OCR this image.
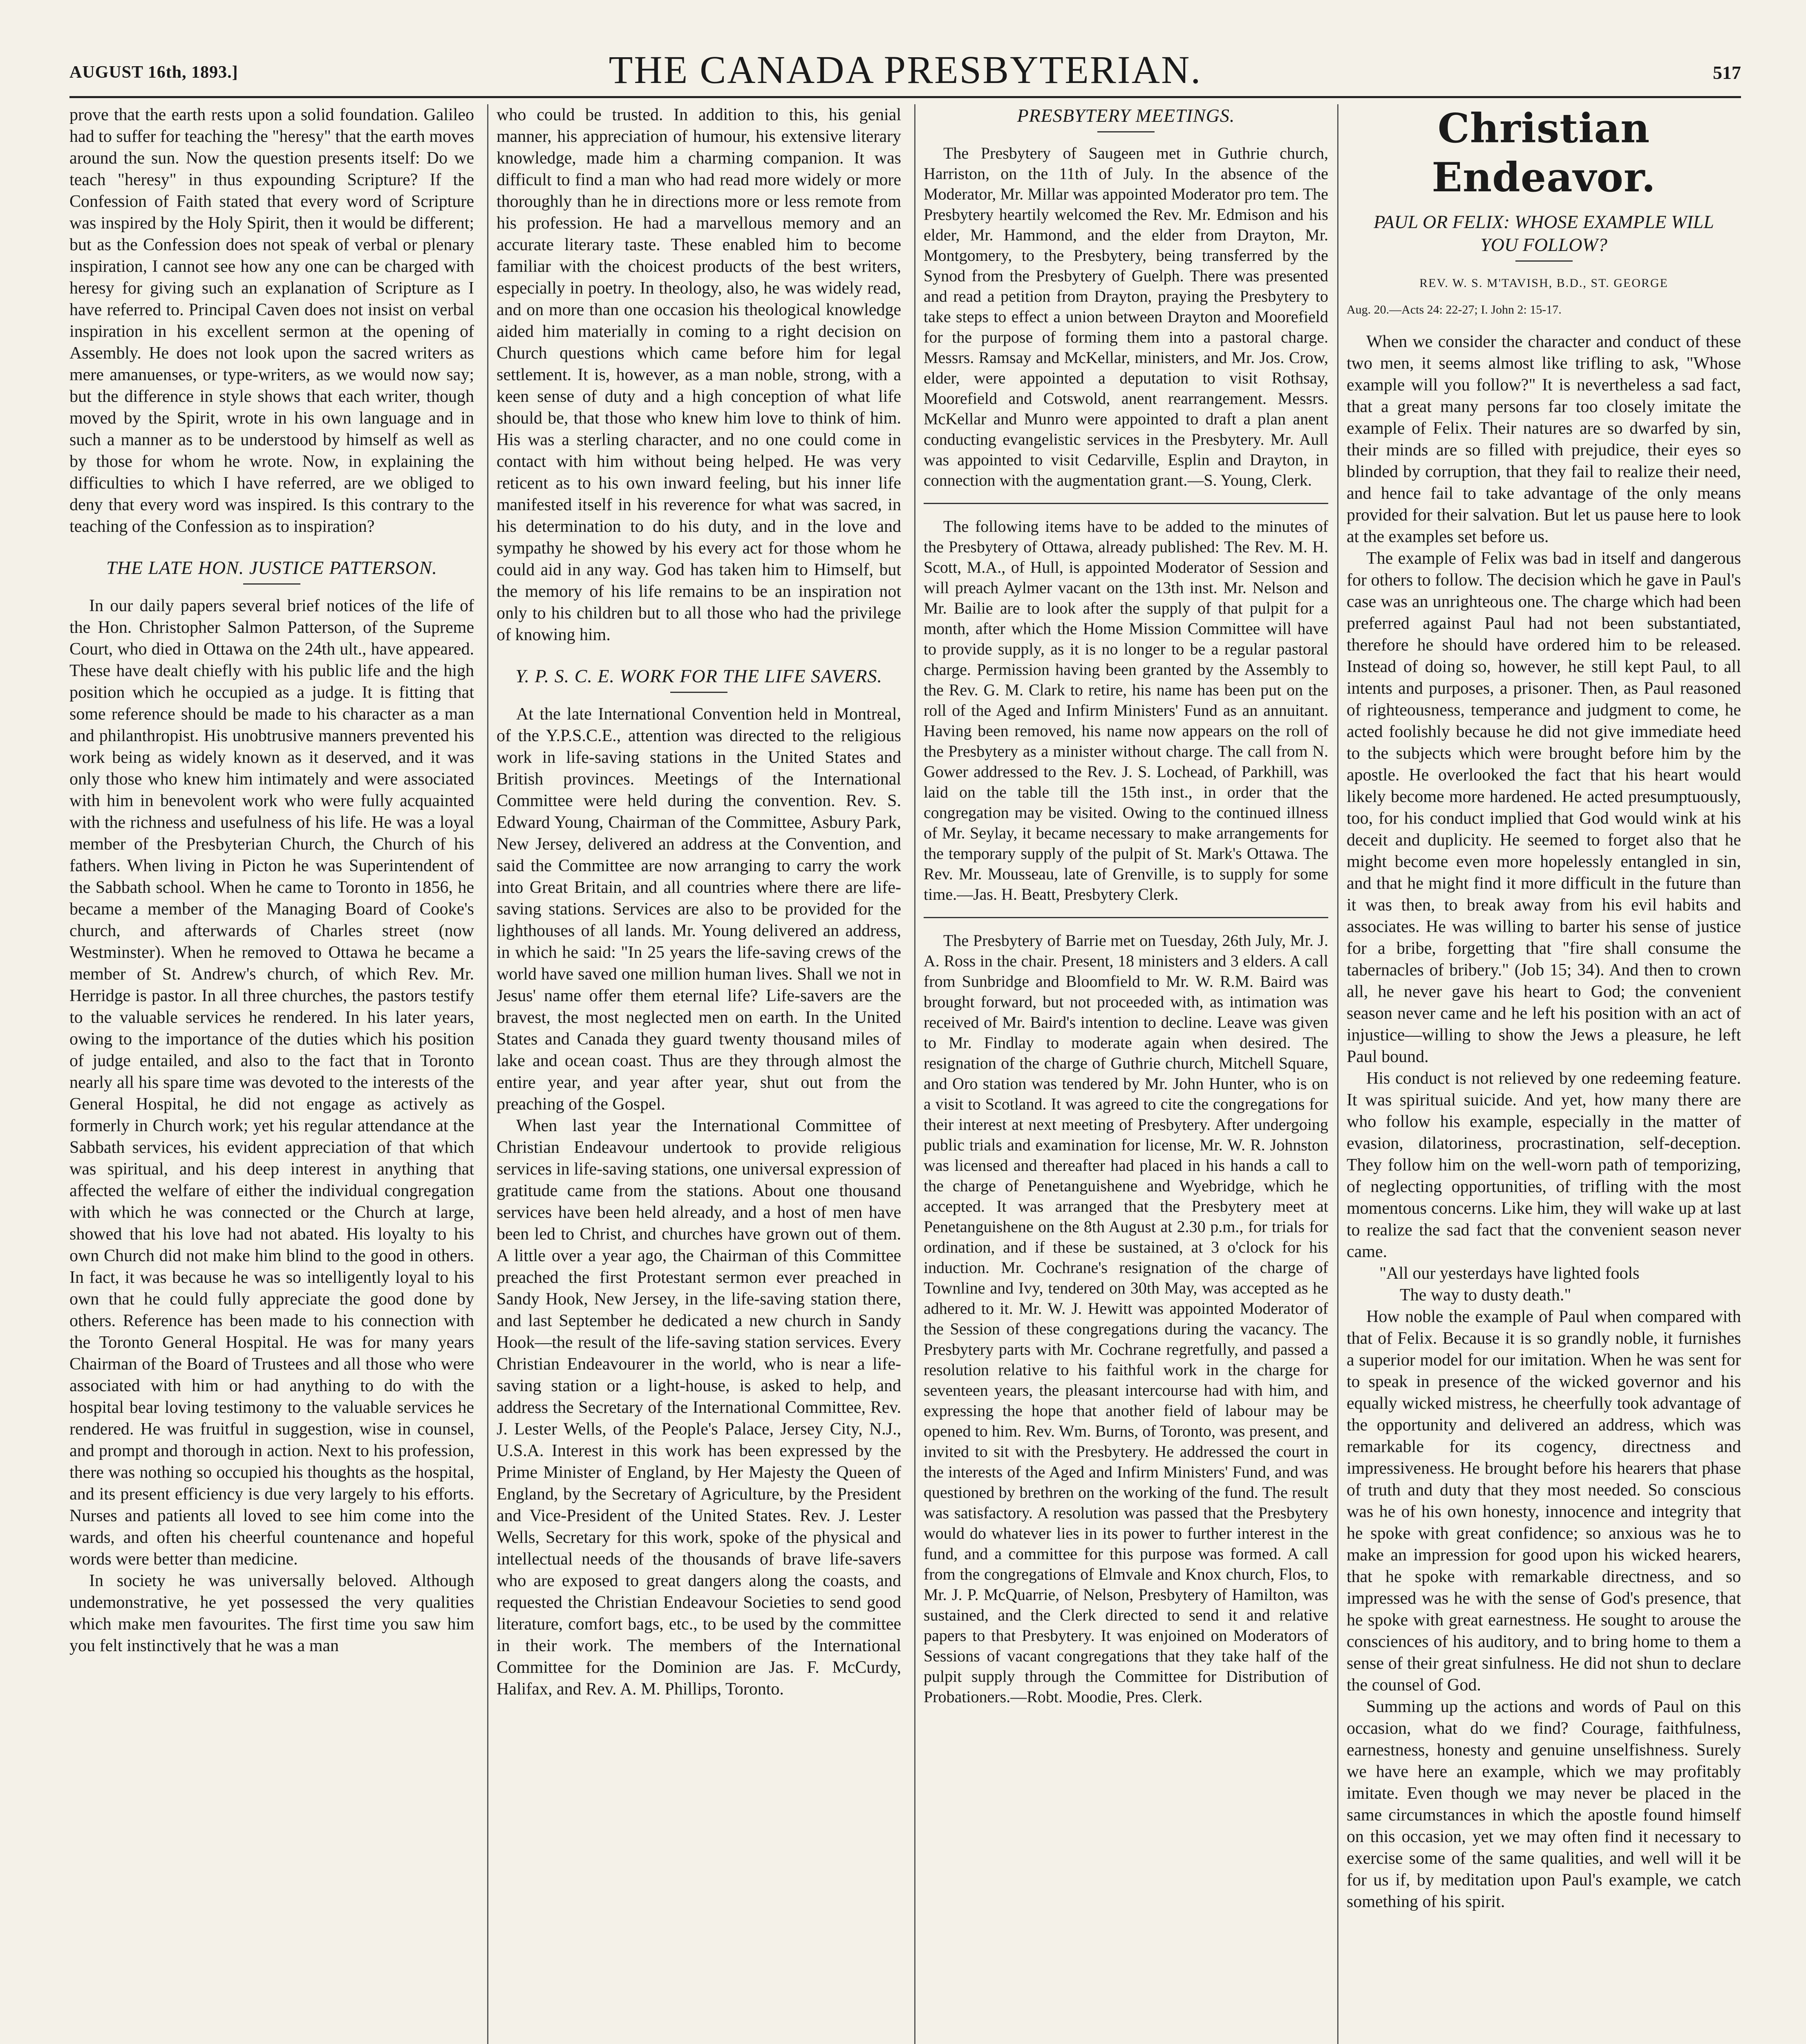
AUGUST 16th, 1893.]	THE CANADA PRESBYTERIAN.	517

prove that the earth rests upon a solid foundation. Galileo had to suffer for teaching the "heresy" that the earth moves around the sun. Now the question presents itself: Do we teach "heresy" in thus expounding Scripture? If the Confession of Faith stated that every word of Scripture was inspired by the Holy Spirit, then it would be different; but as the Confession does not speak of verbal or plenary inspiration, I cannot see how any one can be charged with heresy for giving such an explanation of Scripture as I have referred to. Principal Caven does not insist on verbal inspiration in his excellent sermon at the opening of Assembly. He does not look upon the sacred writers as mere amanuenses, or type-writers, as we would now say; but the difference in style shows that each writer, though moved by the Spirit, wrote in his own language and in such a manner as to be understood by himself as well as by those for whom he wrote. Now, in explaining the difficulties to which I have referred, are we obliged to deny that every word was inspired. Is this contrary to the teaching of the Confession as to inspiration?

THE LATE HON. JUSTICE PATTERSON.

In our daily papers several brief notices of the life of the Hon. Christopher Salmon Patterson, of the Supreme Court, who died in Ottawa on the 24th ult., have appeared. These have dealt chiefly with his public life and the high position which he occupied as a judge. It is fitting that some reference should be made to his character as a man and philanthropist. His unobtrusive manners prevented his work being as widely known as it deserved, and it was only those who knew him intimately and were associated with him in benevolent work who were fully acquainted with the richness and usefulness of his life. He was a loyal member of the Presbyterian Church, the Church of his fathers. When living in Picton he was Superintendent of the Sabbath school. When he came to Toronto in 1856, he became a member of the Managing Board of Cooke's church, and afterwards of Charles street (now Westminster). When he removed to Ottawa he became a member of St. Andrew's church, of which Rev. Mr. Herridge is pastor. In all three churches, the pastors testify to the valuable services he rendered. In his later years, owing to the importance of the duties which his position of judge entailed, and also to the fact that in Toronto nearly all his spare time was devoted to the interests of the General Hospital, he did not engage as actively as formerly in Church work; yet his regular attendance at the Sabbath services, his evident appreciation of that which was spiritual, and his deep interest in anything that affected the welfare of either the individual congregation with which he was connected or the Church at large, showed that his love had not abated. His loyalty to his own Church did not make him blind to the good in others. In fact, it was because he was so intelligently loyal to his own that he could fully appreciate the good done by others. Reference has been made to his connection with the Toronto General Hospital. He was for many years Chairman of the Board of Trustees and all those who were associated with him or had anything to do with the hospital bear loving testimony to the valuable services he rendered. He was fruitful in suggestion, wise in counsel, and prompt and thorough in action. Next to his profession, there was nothing so occupied his thoughts as the hospital, and its present efficiency is due very largely to his efforts. Nurses and patients all loved to see him come into the wards, and often his cheerful countenance and hopeful words were better than medicine.

In society he was universally beloved. Although undemonstrative, he yet possessed the very qualities which make men favourites. The first time you saw him you felt instinctively that he was a man

who could be trusted. In addition to this, his genial manner, his appreciation of humour, his extensive literary knowledge, made him a charming companion. It was difficult to find a man who had read more widely or more thoroughly than he in directions more or less remote from his profession. He had a marvellous memory and an accurate literary taste. These enabled him to become familiar with the choicest products of the best writers, especially in poetry. In theology, also, he was widely read, and on more than one occasion his theological knowledge aided him materially in coming to a right decision on Church questions which came before him for legal settlement. It is, however, as a man noble, strong, with a keen sense of duty and a high conception of what life should be, that those who knew him love to think of him. His was a sterling character, and no one could come in contact with him without being helped. He was very reticent as to his own inward feeling, but his inner life manifested itself in his reverence for what was sacred, in his determination to do his duty, and in the love and sympathy he showed by his every act for those whom he could aid in any way. God has taken him to Himself, but the memory of his life remains to be an inspiration not only to his children but to all those who had the privilege of knowing him.

Y. P. S. C. E. WORK FOR THE LIFE SAVERS.

At the late International Convention held in Montreal, of the Y.P.S.C.E., attention was directed to the religious work in life-saving stations in the United States and British provinces. Meetings of the International Committee were held during the convention. Rev. S. Edward Young, Chairman of the Committee, Asbury Park, New Jersey, delivered an address at the Convention, and said the Committee are now arranging to carry the work into Great Britain, and all countries where there are life-saving stations. Services are also to be provided for the lighthouses of all lands. Mr. Young delivered an address, in which he said: "In 25 years the life-saving crews of the world have saved one million human lives. Shall we not in Jesus' name offer them eternal life? Life-savers are the bravest, the most neglected men on earth. In the United States and Canada they guard twenty thousand miles of lake and ocean coast. Thus are they through almost the entire year, and year after year, shut out from the preaching of the Gospel.

When last year the International Committee of Christian Endeavour undertook to provide religious services in life-saving stations, one universal expression of gratitude came from the stations. About one thousand services have been held already, and a host of men have been led to Christ, and churches have grown out of them. A little over a year ago, the Chairman of this Committee preached the first Protestant sermon ever preached in Sandy Hook, New Jersey, in the life-saving station there, and last September he dedicated a new church in Sandy Hook—the result of the life-saving station services. Every Christian Endeavourer in the world, who is near a life-saving station or a light-house, is asked to help, and address the Secretary of the International Committee, Rev. J. Lester Wells, of the People's Palace, Jersey City, N.J., U.S.A. Interest in this work has been expressed by the Prime Minister of England, by Her Majesty the Queen of England, by the Secretary of Agriculture, by the President and Vice-President of the United States. Rev. J. Lester Wells, Secretary for this work, spoke of the physical and intellectual needs of the thousands of brave life-savers who are exposed to great dangers along the coasts, and requested the Christian Endeavour Societies to send good literature, comfort bags, etc., to be used by the committee in their work. The members of the International Committee for the Dominion are Jas. F. McCurdy, Halifax, and Rev. A. M. Phillips, Toronto.

PRESBYTERY MEETINGS.

The Presbytery of Saugeen met in Guthrie church, Harriston, on the 11th of July. In the absence of the Moderator, Mr. Millar was appointed Moderator pro tem. The Presbytery heartily welcomed the Rev. Mr. Edmison and his elder, Mr. Hammond, and the elder from Drayton, Mr. Montgomery, to the Presbytery, being transferred by the Synod from the Presbytery of Guelph. There was presented and read a petition from Drayton, praying the Presbytery to take steps to effect a union between Drayton and Moorefield for the purpose of forming them into a pastoral charge. Messrs. Ramsay and McKellar, ministers, and Mr. Jos. Crow, elder, were appointed a deputation to visit Rothsay, Moorefield and Cotswold, anent rearrangement. Messrs. McKellar and Munro were appointed to draft a plan anent conducting evangelistic services in the Presbytery. Mr. Aull was appointed to visit Cedarville, Esplin and Drayton, in connection with the augmentation grant.—S. Young, Clerk.

The following items have to be added to the minutes of the Presbytery of Ottawa, already published: The Rev. M. H. Scott, M.A., of Hull, is appointed Moderator of Session and will preach Aylmer vacant on the 13th inst. Mr. Nelson and Mr. Bailie are to look after the supply of that pulpit for a month, after which the Home Mission Committee will have to provide supply, as it is no longer to be a regular pastoral charge. Permission having been granted by the Assembly to the Rev. G. M. Clark to retire, his name has been put on the roll of the Aged and Infirm Ministers' Fund as an annuitant. Having been removed, his name now appears on the roll of the Presbytery as a minister without charge. The call from N. Gower addressed to the Rev. J. S. Lochead, of Parkhill, was laid on the table till the 15th inst., in order that the congregation may be visited. Owing to the continued illness of Mr. Seylay, it became necessary to make arrangements for the temporary supply of the pulpit of St. Mark's Ottawa. The Rev. Mr. Mousseau, late of Grenville, is to supply for some time.—Jas. H. Beatt, Presbytery Clerk.

The Presbytery of Barrie met on Tuesday, 26th July, Mr. J. A. Ross in the chair. Present, 18 ministers and 3 elders. A call from Sunbridge and Bloomfield to Mr. W. R.M. Baird was brought forward, but not proceeded with, as intimation was received of Mr. Baird's intention to decline. Leave was given to Mr. Findlay to moderate again when desired. The resignation of the charge of Guthrie church, Mitchell Square, and Oro station was tendered by Mr. John Hunter, who is on a visit to Scotland. It was agreed to cite the congregations for their interest at next meeting of Presbytery. After undergoing public trials and examination for license, Mr. W. R. Johnston was licensed and thereafter had placed in his hands a call to the charge of Penetanguishene and Wyebridge, which he accepted. It was arranged that the Presbytery meet at Penetanguishene on the 8th August at 2.30 p.m., for trials for ordination, and if these be sustained, at 3 o'clock for his induction. Mr. Cochrane's resignation of the charge of Townline and Ivy, tendered on 30th May, was accepted as he adhered to it. Mr. W. J. Hewitt was appointed Moderator of the Session of these congregations during the vacancy. The Presbytery parts with Mr. Cochrane regretfully, and passed a resolution relative to his faithful work in the charge for seventeen years, the pleasant intercourse had with him, and expressing the hope that another field of labour may be opened to him. Rev. Wm. Burns, of Toronto, was present, and invited to sit with the Presbytery. He addressed the court in the interests of the Aged and Infirm Ministers' Fund, and was questioned by brethren on the working of the fund. The result was satisfactory. A resolution was passed that the Presbytery would do whatever lies in its power to further interest in the fund, and a committee for this purpose was formed. A call from the congregations of Elmvale and Knox church, Flos, to Mr. J. P. McQuarrie, of Nelson, Presbytery of Hamilton, was sustained, and the Clerk directed to send it and relative papers to that Presbytery. It was enjoined on Moderators of Sessions of vacant congregations that they take half of the pulpit supply through the Committee for Distribution of Probationers.—Robt. Moodie, Pres. Clerk.

Christian Endeavor.
PAUL OR FELIX: WHOSE EXAMPLE WILL YOU FOLLOW?
REV. W. S. M'TAVISH, B.D., ST. GEORGE
Aug. 20.—Acts 24: 22-27; I. John 2: 15-17.

When we consider the character and conduct of these two men, it seems almost like trifling to ask, "Whose example will you follow?" It is nevertheless a sad fact, that a great many persons far too closely imitate the example of Felix. Their natures are so dwarfed by sin, their minds are so filled with prejudice, their eyes so blinded by corruption, that they fail to realize their need, and hence fail to take advantage of the only means provided for their salvation. But let us pause here to look at the examples set before us.

The example of Felix was bad in itself and dangerous for others to follow. The decision which he gave in Paul's case was an unrighteous one. The charge which had been preferred against Paul had not been substantiated, therefore he should have ordered him to be released. Instead of doing so, however, he still kept Paul, to all intents and purposes, a prisoner. Then, as Paul reasoned of righteousness, temperance and judgment to come, he acted foolishly because he did not give immediate heed to the subjects which were brought before him by the apostle. He overlooked the fact that his heart would likely become more hardened. He acted presumptuously, too, for his conduct implied that God would wink at his deceit and duplicity. He seemed to forget also that he might become even more hopelessly entangled in sin, and that he might find it more difficult in the future than it was then, to break away from his evil habits and associates. He was willing to barter his sense of justice for a bribe, forgetting that "fire shall consume the tabernacles of bribery." (Job 15; 34). And then to crown all, he never gave his heart to God; the convenient season never came and he left his position with an act of injustice—willing to show the Jews a pleasure, he left Paul bound.

His conduct is not relieved by one redeeming feature. It was spiritual suicide. And yet, how many there are who follow his example, especially in the matter of evasion, dilatoriness, procrastination, self-deception. They follow him on the well-worn path of temporizing, of neglecting opportunities, of trifling with the most momentous concerns. Like him, they will wake up at last to realize the sad fact that the convenient season never came.

"All our yesterdays have lighted fools

The way to dusty death."

How noble the example of Paul when compared with that of Felix. Because it is so grandly noble, it furnishes a superior model for our imitation. When he was sent for to speak in presence of the wicked governor and his equally wicked mistress, he cheerfully took advantage of the opportunity and delivered an address, which was remarkable for its cogency, directness and impressiveness. He brought before his hearers that phase of truth and duty that they most needed. So conscious was he of his own honesty, innocence and integrity that he spoke with great confidence; so anxious was he to make an impression for good upon his wicked hearers, that he spoke with remarkable directness, and so impressed was he with the sense of God's presence, that he spoke with great earnestness. He sought to arouse the consciences of his auditory, and to bring home to them a sense of their great sinfulness. He did not shun to declare the counsel of God.

Summing up the actions and words of Paul on this occasion, what do we find? Courage, faithfulness, earnestness, honesty and genuine unselfishness. Surely we have here an example, which we may profitably imitate. Even though we may never be placed in the same circumstances in which the apostle found himself on this occasion, yet we may often find it necessary to exercise some of the same qualities, and well will it be for us if, by meditation upon Paul's example, we catch something of his spirit.
